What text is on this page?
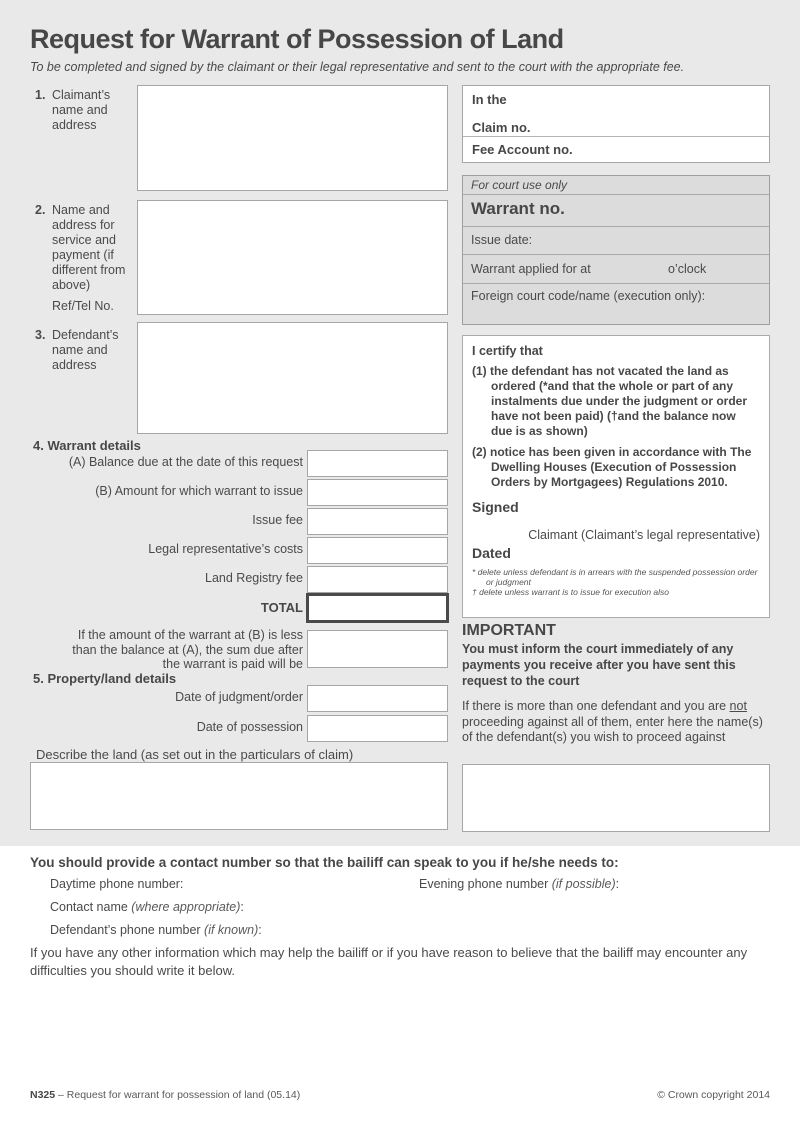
Request for Warrant of Possession of Land
To be completed and signed by the claimant or their legal representative and sent to the court with the appropriate fee.
1. Claimant’s name and address
2. Name and address for service and payment (if different from above)
Ref/Tel No.
3. Defendant’s name and address
4. Warrant details
(A) Balance due at the date of this request
(B) Amount for which warrant to issue
Issue fee
Legal representative’s costs
Land Registry fee
TOTAL
If the amount of the warrant at (B) is less than the balance at (A), the sum due after the warrant is paid will be
5. Property/land details
Date of judgment/order
Date of possession
Describe the land (as set out in the particulars of claim)
In the
Claim no.
Fee Account no.
For court use only
Warrant no.
Issue date:
Warrant applied for at	o’clock
Foreign court code/name (execution only):
I certify that
(1) the defendant has not vacated the land as ordered (*and that the whole or part of any instalments due under the judgment or order have not been paid) (†and the balance now due is as shown)
(2) notice has been given in accordance with The Dwelling Houses (Execution of Possession Orders by Mortgagees) Regulations 2010.
Signed
Claimant (Claimant’s legal representative)
Dated
* delete unless defendant is in arrears with the suspended possession order or judgment
† delete unless warrant is to issue for execution also
IMPORTANT
You must inform the court immediately of any payments you receive after you have sent this request to the court
If there is more than one defendant and you are not proceeding against all of them, enter here the name(s) of the defendant(s) you wish to proceed against
You should provide a contact number so that the bailiff can speak to you if he/she needs to:
Daytime phone number:	Evening phone number (if possible):
Contact name (where appropriate):
Defendant’s phone number (if known):
If you have any other information which may help the bailiff or if you have reason to believe that the bailiff may encounter any difficulties you should write it below.
N325 – Request for warrant for possession of land (05.14)	© Crown copyright 2014
